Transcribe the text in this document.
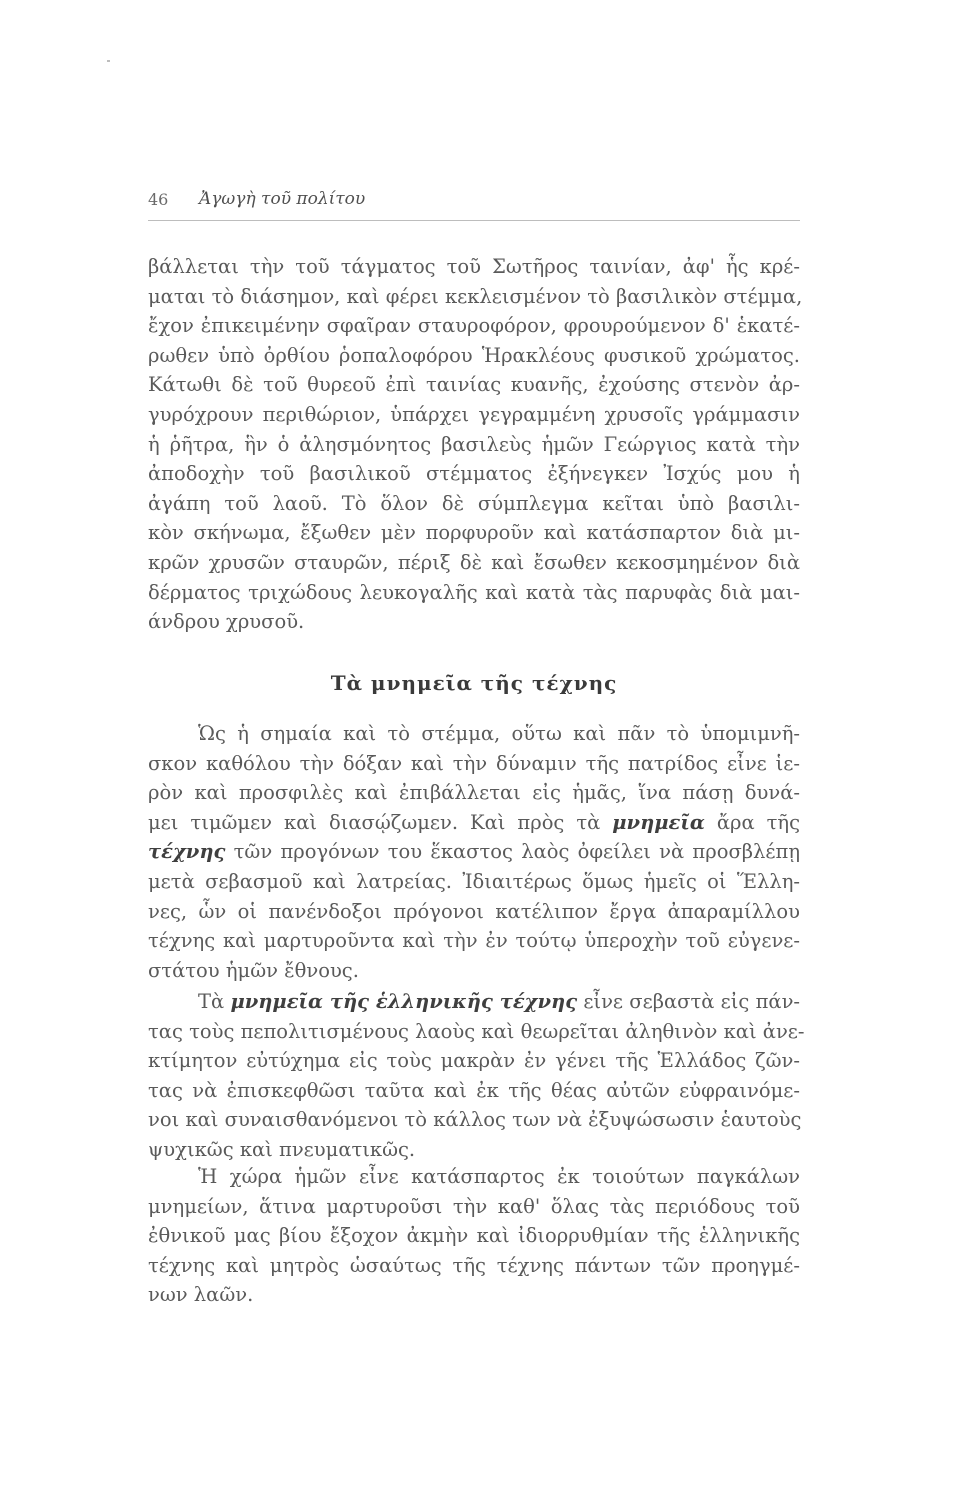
46 Ἀγωγὴ τοῦ πολίτου
βάλλεται τὴν τοῦ τάγματος τοῦ Σωτῆρος ταινίαν, ἀφ' ἧς κρέ-
μαται τὸ διάσημον, καὶ φέρει κεκλεισμένον τὸ βασιλικὸν στέμμα,
ἔχον ἐπικειμένην σφαῖραν σταυροφόρον, φρουρούμενον δ' ἑκατέ-
ρωθεν ὑπὸ ὀρθίου ῥοπαλοφόρου Ἡρακλέους φυσικοῦ χρώματος.
Κάτωθι δὲ τοῦ θυρεοῦ ἐπὶ ταινίας κυανῆς, ἐχούσης στενὸν ἀρ-
γυρόχρουν περιθώριον, ὑπάρχει γεγραμμένη χρυσοῖς γράμμασιν
ἡ ῥῆτρα, ἣν ὁ ἀλησμόνητος βασιλεὺς ἡμῶν Γεώργιος κατὰ τὴν
ἀποδοχὴν τοῦ βασιλικοῦ στέμματος ἐξήνεγκεν Ἰσχύς μου ἡ
ἀγάπη τοῦ λαοῦ. Τὸ ὅλον δὲ σύμπλεγμα κεῖται ὑπὸ βασιλι-
κὸν σκήνωμα, ἔξωθεν μὲν πορφυροῦν καὶ κατάσπαρτον διὰ μι-
κρῶν χρυσῶν σταυρῶν, πέριξ δὲ καὶ ἔσωθεν κεκοσμημένον διὰ
δέρματος τριχώδους λευκογαλῆς καὶ κατὰ τὰς παρυφὰς διὰ μαι-
άνδρου χρυσοῦ.
Τὰ μνημεῖα τῆς τέχνης
Ὡς ἡ σημαία καὶ τὸ στέμμα, οὕτω καὶ πᾶν τὸ ὑπομιμνῆ-
σκον καθόλου τὴν δόξαν καὶ τὴν δύναμιν τῆς πατρίδος εἶνε ἱε-
ρὸν καὶ προσφιλὲς καὶ ἐπιβάλλεται εἰς ἡμᾶς, ἵνα πάσῃ δυνά-
μει τιμῶμεν καὶ διασῴζωμεν. Καὶ πρὸς τὰ μνημεῖα ἄρα τῆς
τέχνης τῶν προγόνων του ἕκαστος λαὸς ὀφείλει νὰ προσβλέπῃ
μετὰ σεβασμοῦ καὶ λατρείας. Ἰδιαιτέρως ὅμως ἡμεῖς οἱ Ἕλλη-
νες, ὧν οἱ πανένδοξοι πρόγονοι κατέλιπον ἔργα ἀπαραμίλλου
τέχνης καὶ μαρτυροῦντα καὶ τὴν ἐν τούτῳ ὑπεροχὴν τοῦ εὐγενε-
στάτου ἡμῶν ἔθνους.
Τὰ μνημεῖα τῆς ἑλληνικῆς τέχνης εἶνε σεβαστὰ εἰς πάν-
τας τοὺς πεπολιτισμένους λαοὺς καὶ θεωρεῖται ἀληθινὸν καὶ ἀνε-
κτίμητον εὐτύχημα εἰς τοὺς μακρὰν ἐν γένει τῆς Ἑλλάδος ζῶν-
τας νὰ ἐπισκεφθῶσι ταῦτα καὶ ἐκ τῆς θέας αὐτῶν εὐφραινόμε-
νοι καὶ συναισθανόμενοι τὸ κάλλος των νὰ ἐξυψώσωσιν ἑαυτοὺς
ψυχικῶς καὶ πνευματικῶς.
Ἡ χώρα ἡμῶν εἶνε κατάσπαρτος ἐκ τοιούτων παγκάλων
μνημείων, ἅτινα μαρτυροῦσι τὴν καθ' ὅλας τὰς περιόδους τοῦ
ἐθνικοῦ μας βίου ἔξοχον ἀκμὴν καὶ ἰδιορρυθμίαν τῆς ἑλληνικῆς
τέχνης καὶ μητρὸς ὡσαύτως τῆς τέχνης πάντων τῶν προηγμέ-
νων λαῶν.
